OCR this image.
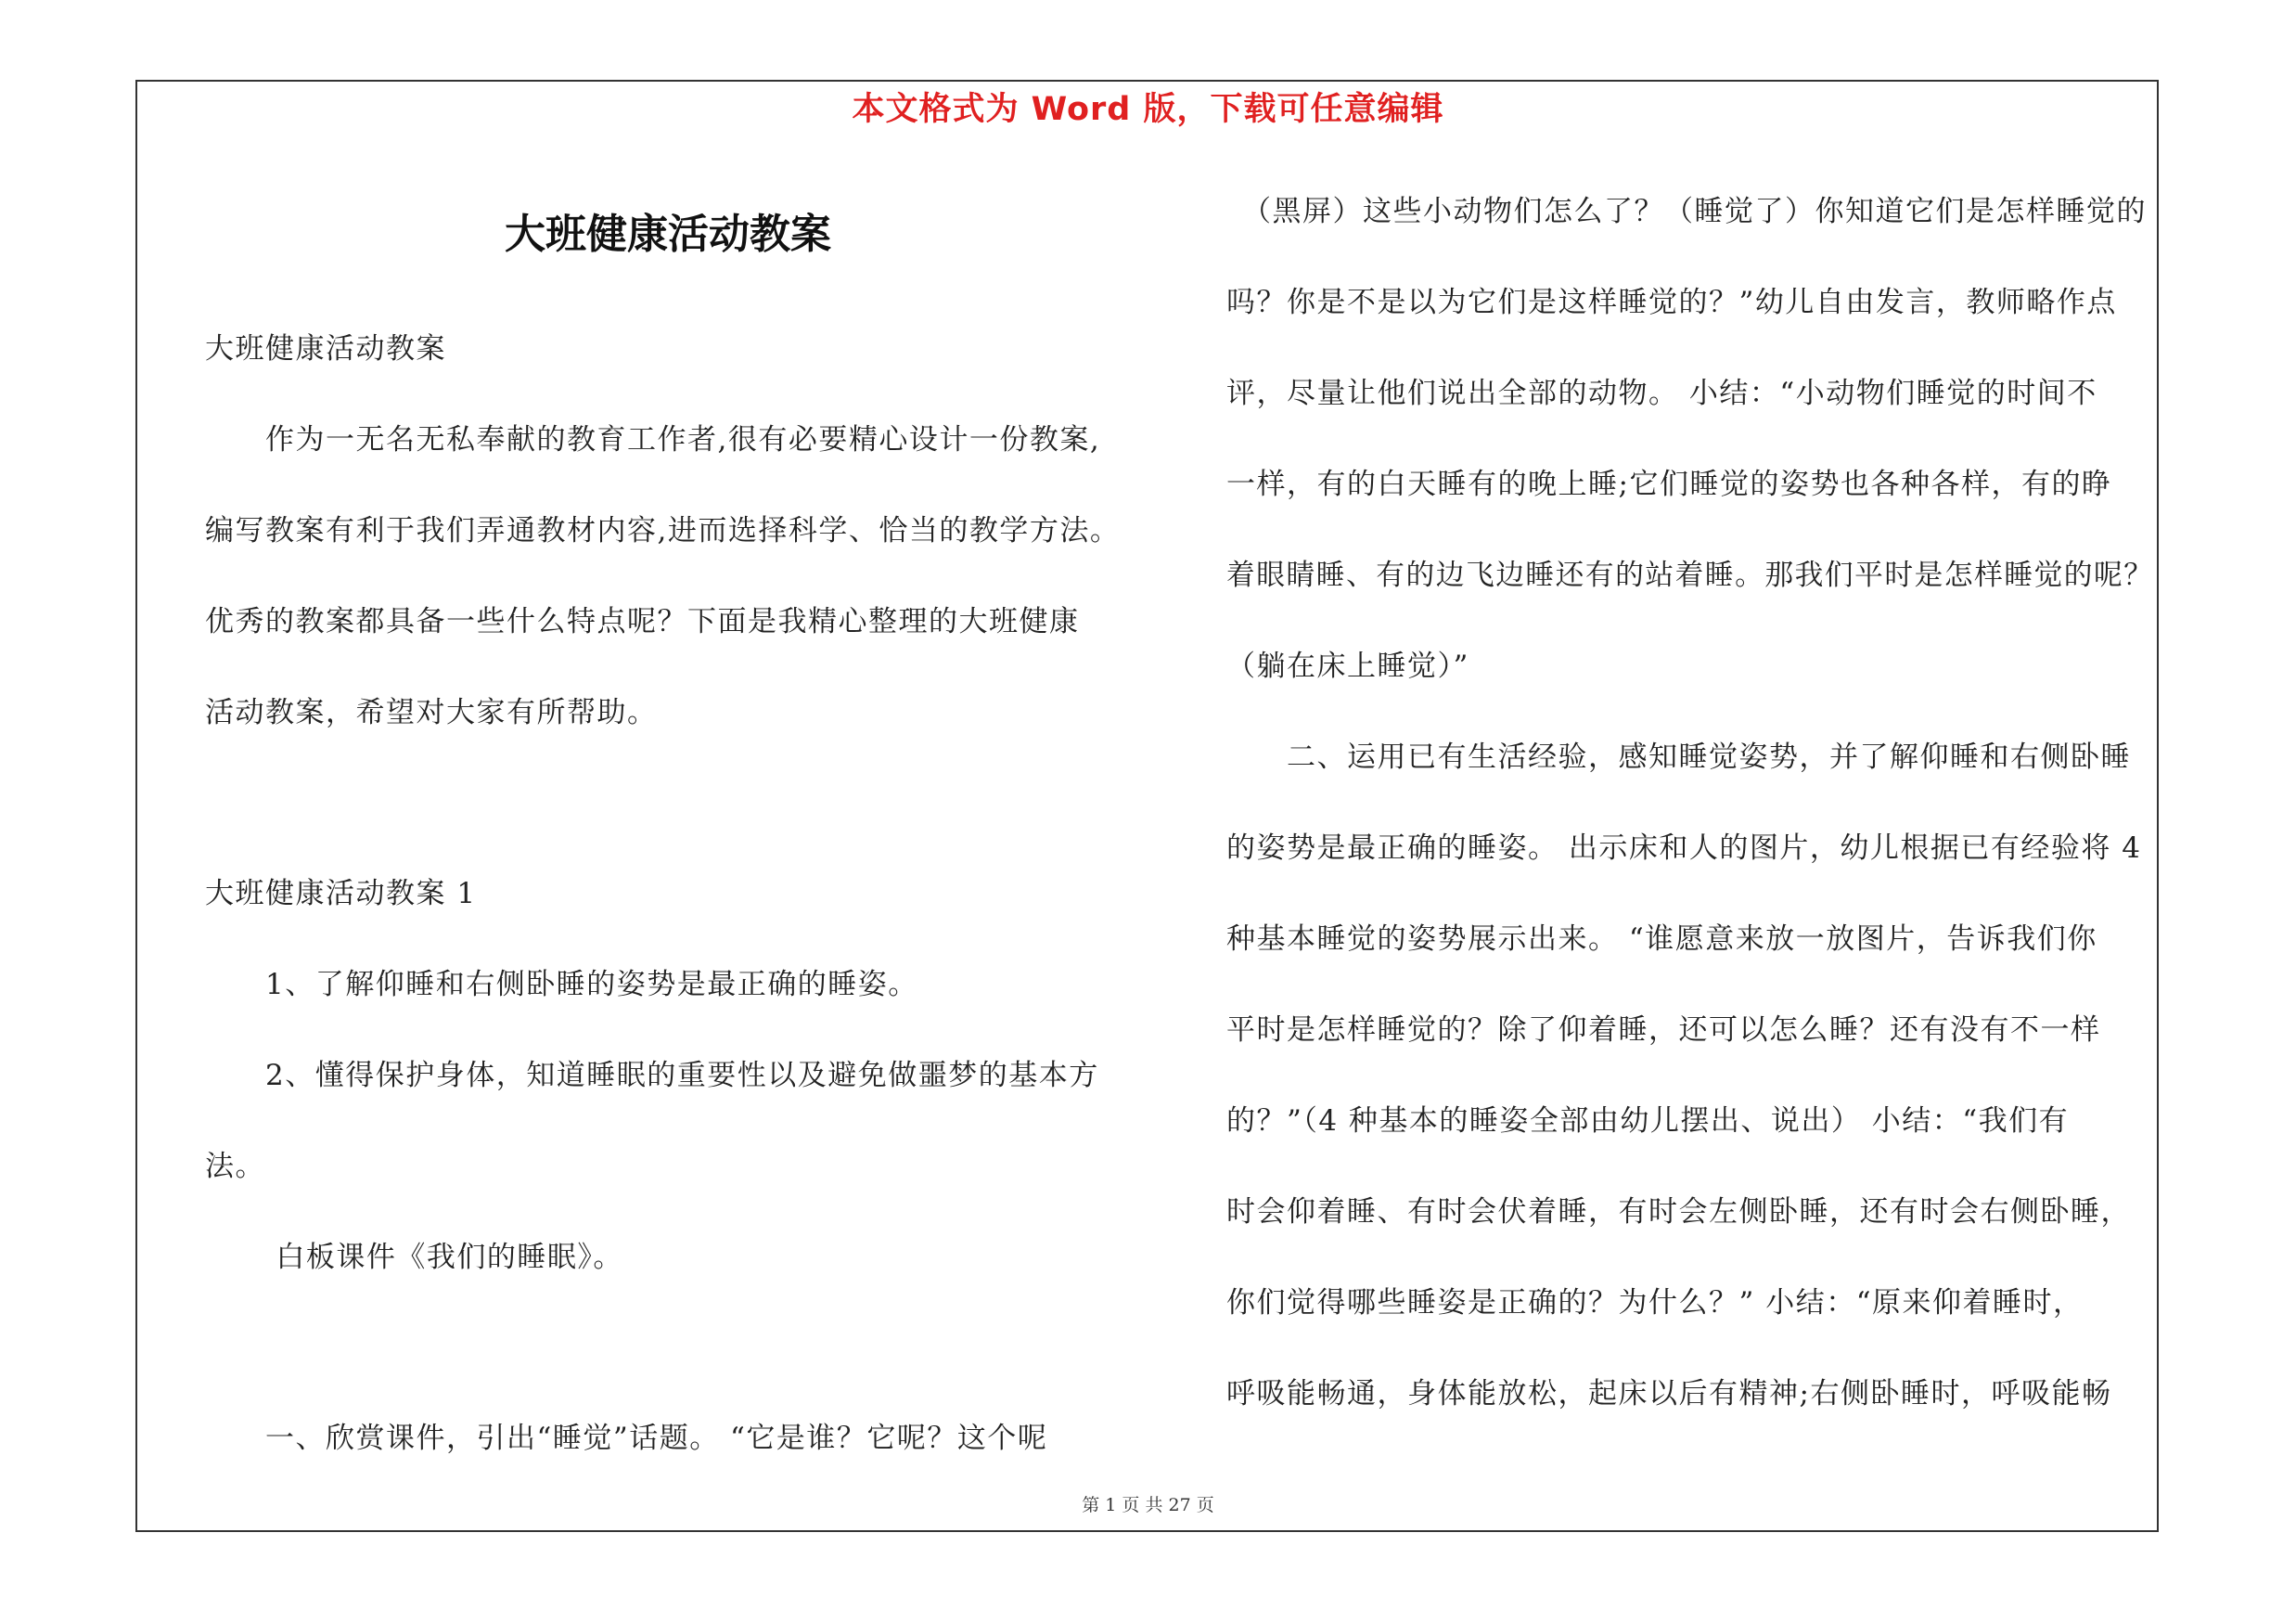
本文格式为 Word 版，下载可任意编辑
大班健康活动教案
大班健康活动教案
　　作为一无名无私奉献的教育工作者,很有必要精心设计一份教案,
编写教案有利于我们弄通教材内容,进而选择科学、恰当的教学方法。
优秀的教案都具备一些什么特点呢？下面是我精心整理的大班健康
活动教案，希望对大家有所帮助。
大班健康活动教案 1
　　1、了解仰睡和右侧卧睡的姿势是最正确的睡姿。
　　2、懂得保护身体，知道睡眠的重要性以及避免做噩梦的基本方
法。
　　 白板课件《我们的睡眠》。
　　一、欣赏课件，引出“睡觉”话题。 “它是谁？它呢？这个呢
　（黑屏）这些小动物们怎么了？（睡觉了）你知道它们是怎样睡觉的
吗？你是不是以为它们是这样睡觉的？”幼儿自由发言，教师略作点
评，尽量让他们说出全部的动物。 小结：“小动物们睡觉的时间不
一样，有的白天睡有的晚上睡;它们睡觉的姿势也各种各样，有的睁
着眼睛睡、有的边飞边睡还有的站着睡。那我们平时是怎样睡觉的呢？
（躺在床上睡觉）”
　　二、运用已有生活经验，感知睡觉姿势，并了解仰睡和右侧卧睡
的姿势是最正确的睡姿。 出示床和人的图片，幼儿根据已有经验将 4
种基本睡觉的姿势展示出来。 “谁愿意来放一放图片，告诉我们你
平时是怎样睡觉的？除了仰着睡，还可以怎么睡？还有没有不一样
的？”（4 种基本的睡姿全部由幼儿摆出、说出） 小结：“我们有
时会仰着睡、有时会伏着睡，有时会左侧卧睡，还有时会右侧卧睡，
你们觉得哪些睡姿是正确的？为什么？” 小结：“原来仰着睡时，
呼吸能畅通，身体能放松，起床以后有精神;右侧卧睡时，呼吸能畅
第 1 页 共 27 页
